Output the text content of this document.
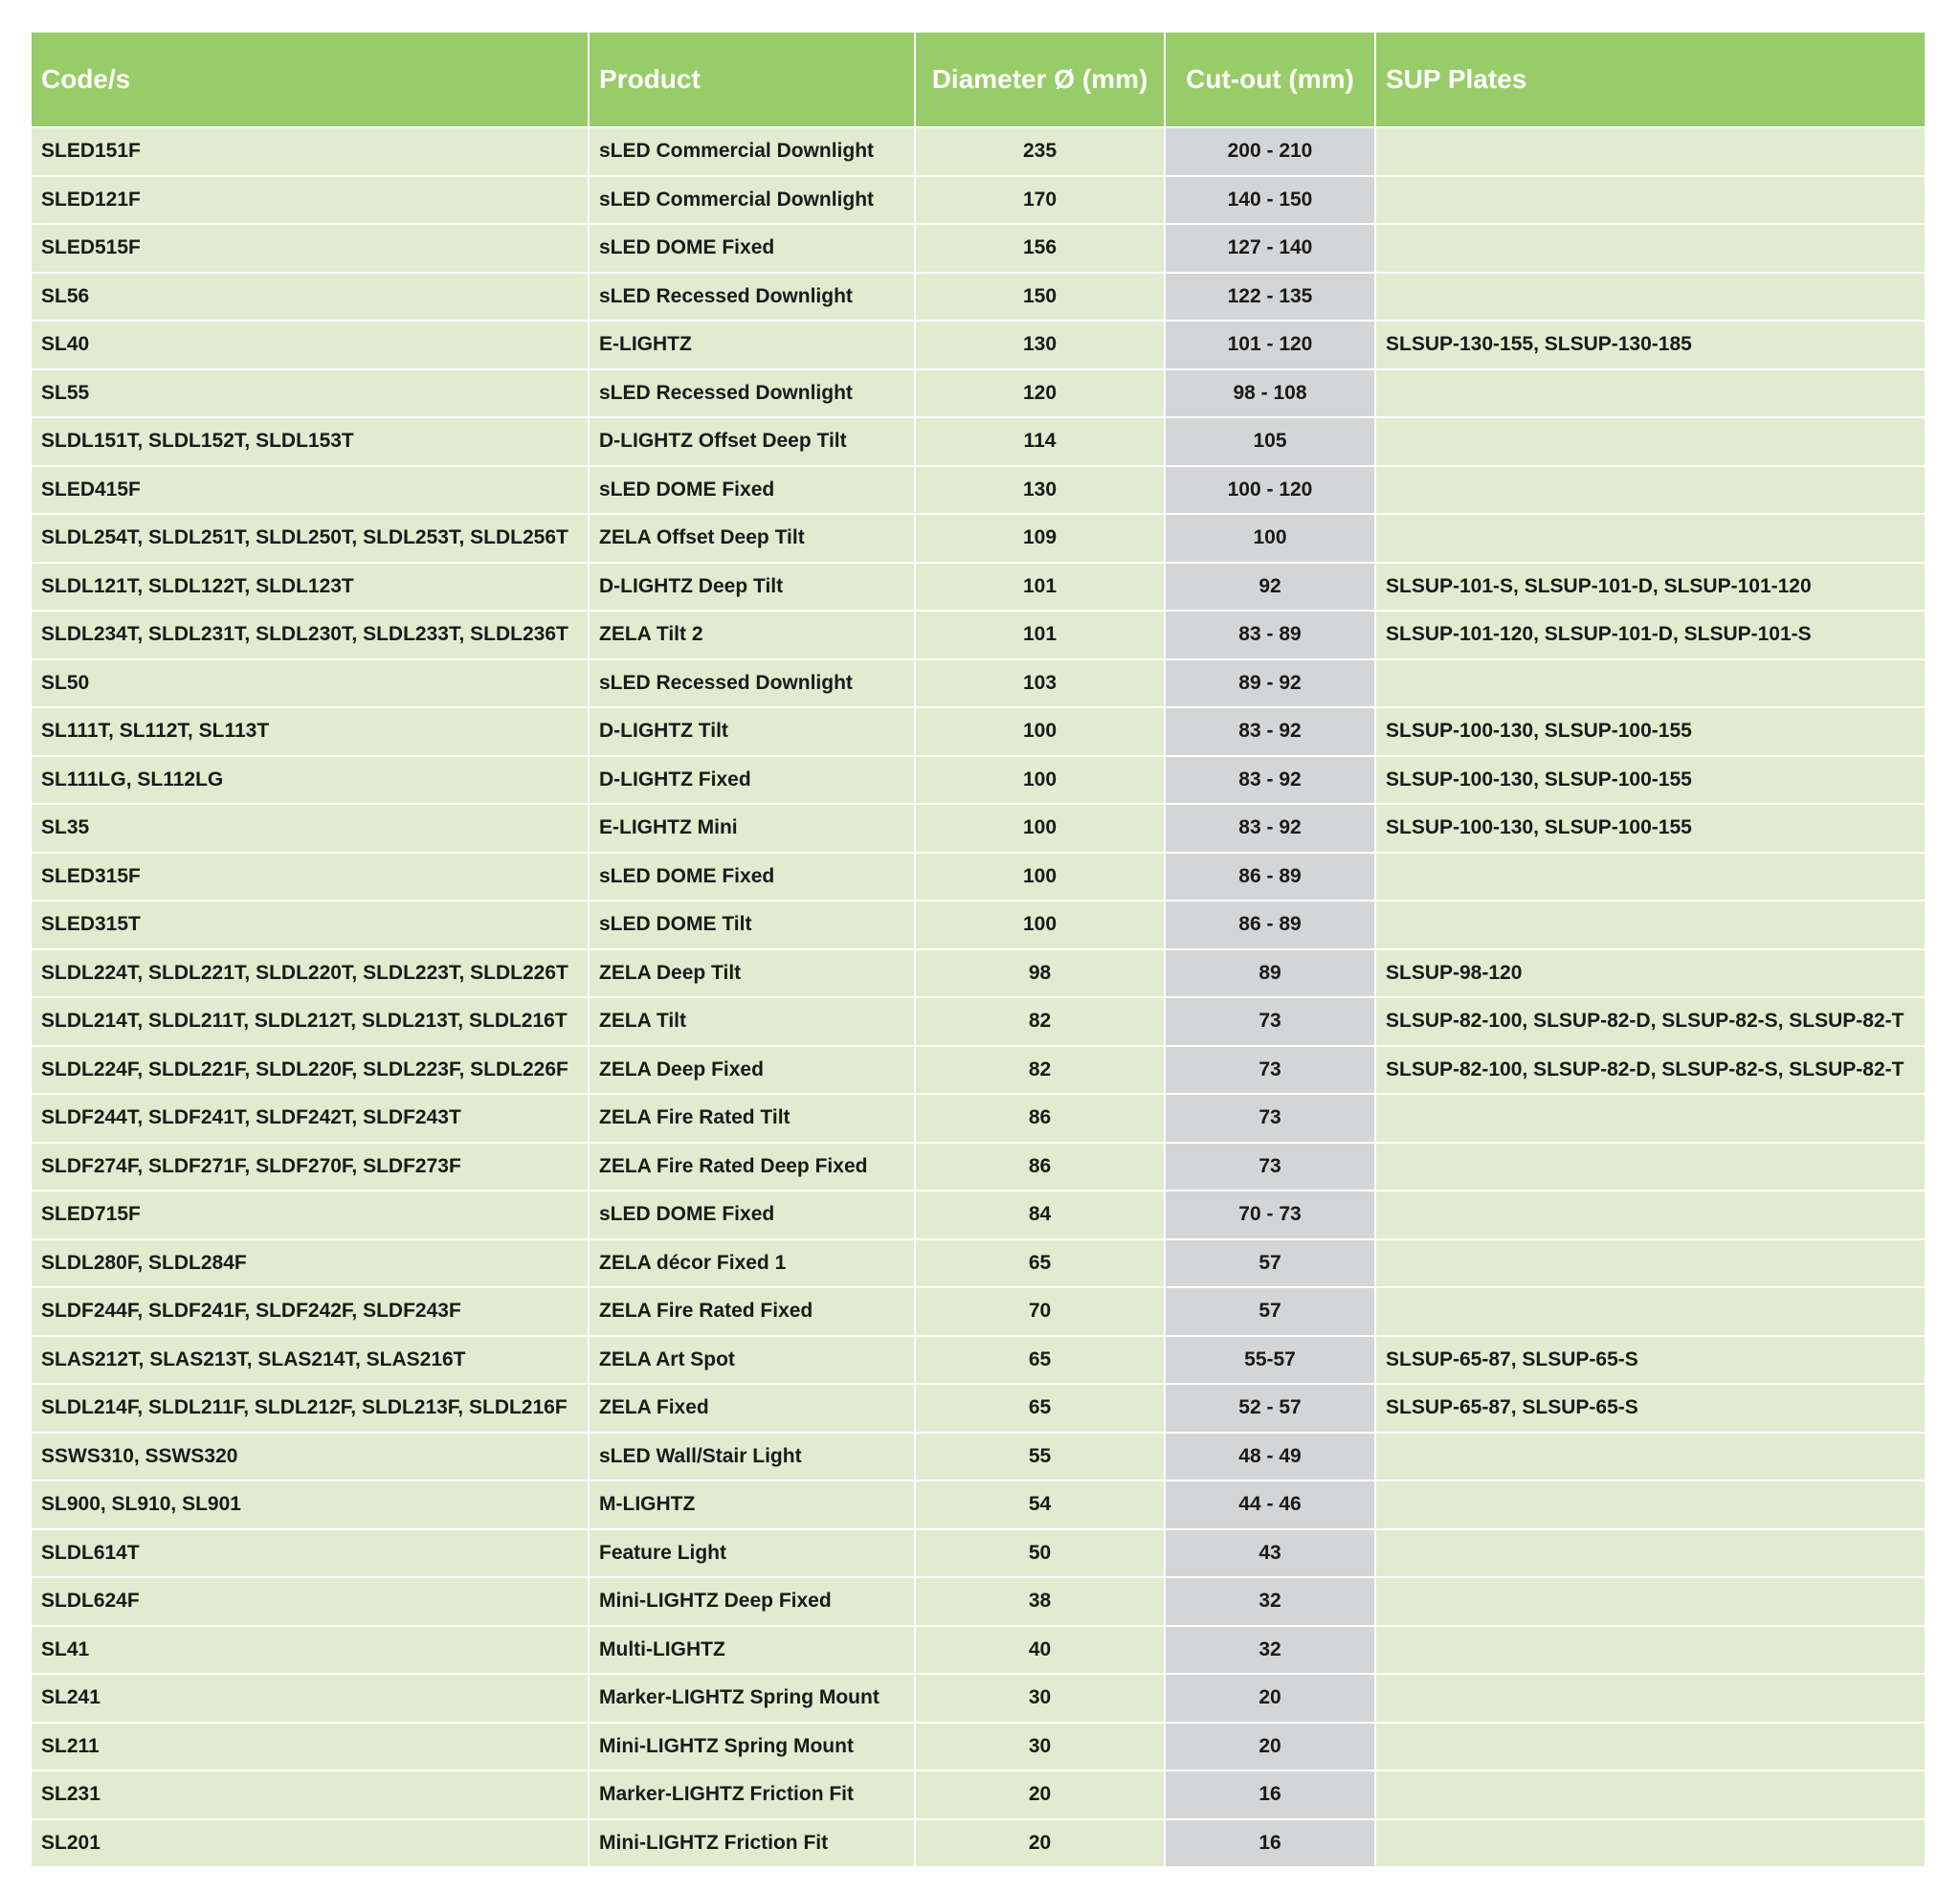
Code/s	Product	Diameter Ø (mm)	Cut-out (mm)	SUP Plates
SLED151F	sLED Commercial Downlight	235	200 - 210	
SLED121F	sLED Commercial Downlight	170	140 - 150	
SLED515F	sLED DOME Fixed	156	127 - 140	
SL56	sLED Recessed Downlight	150	122 - 135	
SL40	E-LIGHTZ	130	101 - 120	SLSUP-130-155, SLSUP-130-185
SL55	sLED Recessed Downlight	120	98 - 108	
SLDL151T, SLDL152T, SLDL153T	D-LIGHTZ Offset Deep Tilt	114	105	
SLED415F	sLED DOME Fixed	130	100 - 120	
SLDL254T, SLDL251T, SLDL250T, SLDL253T, SLDL256T	ZELA Offset Deep Tilt	109	100	
SLDL121T, SLDL122T, SLDL123T	D-LIGHTZ Deep Tilt	101	92	SLSUP-101-S, SLSUP-101-D, SLSUP-101-120
SLDL234T, SLDL231T, SLDL230T, SLDL233T, SLDL236T	ZELA Tilt 2	101	83 - 89	SLSUP-101-120, SLSUP-101-D, SLSUP-101-S
SL50	sLED Recessed Downlight	103	89 - 92	
SL111T, SL112T, SL113T	D-LIGHTZ Tilt	100	83 - 92	SLSUP-100-130, SLSUP-100-155
SL111LG, SL112LG	D-LIGHTZ Fixed	100	83 - 92	SLSUP-100-130, SLSUP-100-155
SL35	E-LIGHTZ Mini	100	83 - 92	SLSUP-100-130, SLSUP-100-155
SLED315F	sLED DOME Fixed	100	86 - 89	
SLED315T	sLED DOME Tilt	100	86 - 89	
SLDL224T, SLDL221T, SLDL220T, SLDL223T, SLDL226T	ZELA Deep Tilt	98	89	SLSUP-98-120
SLDL214T, SLDL211T, SLDL212T, SLDL213T, SLDL216T	ZELA Tilt	82	73	SLSUP-82-100, SLSUP-82-D, SLSUP-82-S, SLSUP-82-T
SLDL224F, SLDL221F, SLDL220F, SLDL223F, SLDL226F	ZELA Deep Fixed	82	73	SLSUP-82-100, SLSUP-82-D, SLSUP-82-S, SLSUP-82-T
SLDF244T, SLDF241T, SLDF242T, SLDF243T	ZELA Fire Rated Tilt	86	73	
SLDF274F, SLDF271F, SLDF270F, SLDF273F	ZELA Fire Rated Deep Fixed	86	73	
SLED715F	sLED DOME Fixed	84	70 - 73	
SLDL280F, SLDL284F	ZELA décor Fixed 1	65	57	
SLDF244F, SLDF241F, SLDF242F, SLDF243F	ZELA Fire Rated Fixed	70	57	
SLAS212T, SLAS213T, SLAS214T, SLAS216T	ZELA Art Spot	65	55-57	SLSUP-65-87, SLSUP-65-S
SLDL214F, SLDL211F, SLDL212F, SLDL213F, SLDL216F	ZELA Fixed	65	52 - 57	SLSUP-65-87, SLSUP-65-S
SSWS310, SSWS320	sLED Wall/Stair Light	55	48 - 49	
SL900, SL910, SL901	M-LIGHTZ	54	44 - 46	
SLDL614T	Feature Light	50	43	
SLDL624F	Mini-LIGHTZ Deep Fixed	38	32	
SL41	Multi-LIGHTZ	40	32	
SL241	Marker-LIGHTZ Spring Mount	30	20	
SL211	Mini-LIGHTZ Spring Mount	30	20	
SL231	Marker-LIGHTZ Friction Fit	20	16	
SL201	Mini-LIGHTZ Friction Fit	20	16	
